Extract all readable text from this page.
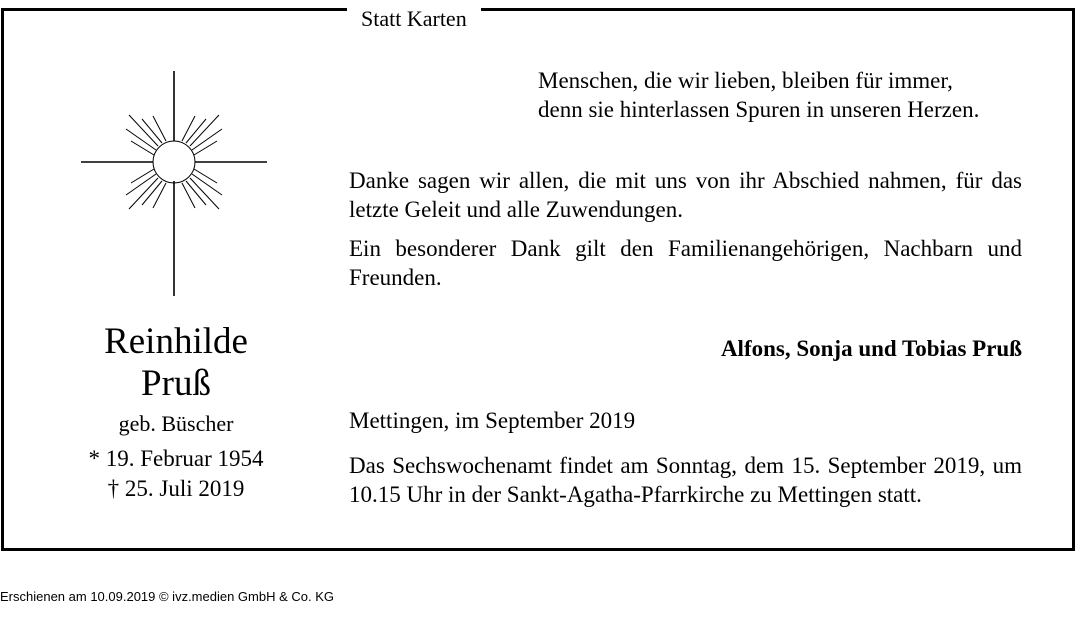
Statt Karten
Reinhilde
Pruß
geb. Büscher
* 19. Februar 1954
† 25. Juli 2019
Menschen, die wir lieben, bleiben für immer,
denn sie hinterlassen Spuren in unseren Herzen.
Danke sagen wir allen, die mit uns von ihr Abschied nahmen, für das letzte Geleit und alle Zuwendungen.
Ein besonderer Dank gilt den Familienangehörigen, Nachbarn und Freunden.
Alfons, Sonja und Tobias Pruß
Mettingen, im September 2019
Das Sechswochenamt findet am Sonntag, dem 15. September 2019, um 10.15 Uhr in der Sankt-Agatha-Pfarrkirche zu Mettingen statt.
Erschienen am 10.09.2019 © ivz.medien GmbH & Co. KG
